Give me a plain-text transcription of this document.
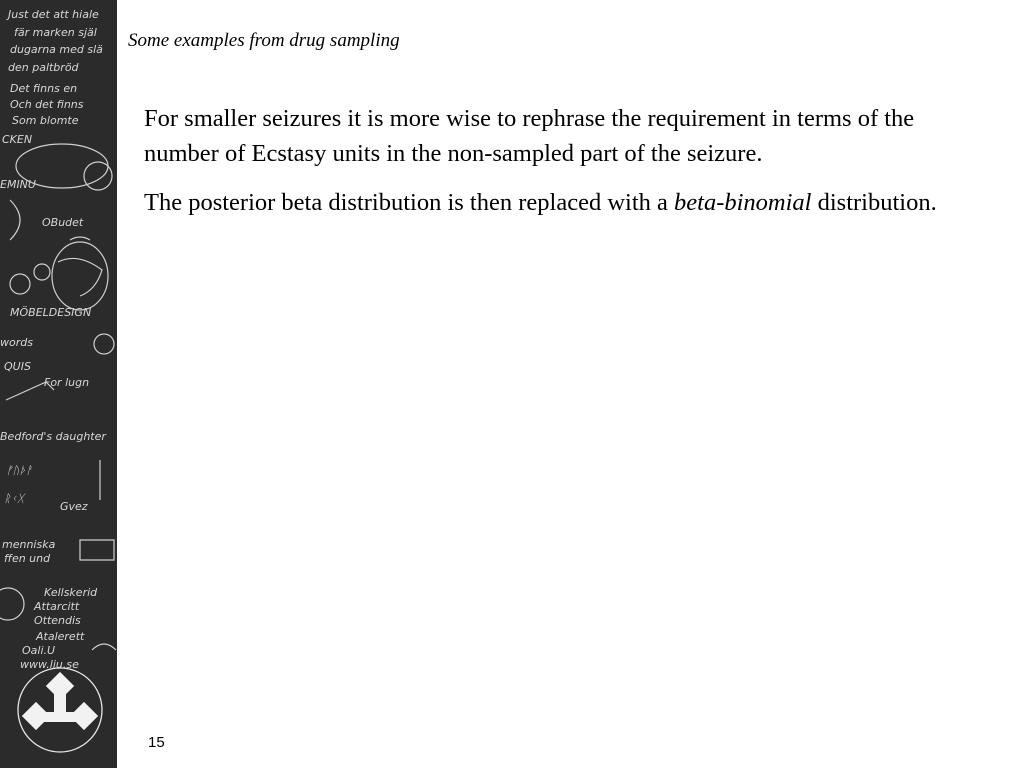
Just det att hiale
fär marken själ
dugarna med slä
den paltbröd
Det finns en
Och det finns
Som blomte
CKEN
EMINU
OBudet
MÖBELDESIGN
words
QUIS
For lugn
Bedford's daughter
ᚠᚢᚦᚨ
ᚱᚲᚷ
Gvez
menniska
ffen und
Kellskerid
Attarcitt
Ottendis
Atalerett
Oali.U
www.liu.se
Some examples from drug sampling

For smaller seizures it is more wise to rephrase the requirement in terms of the number of Ecstasy units in the non-sampled part of the seizure.

The posterior beta distribution is then replaced with a beta-binomial distribution.

15
